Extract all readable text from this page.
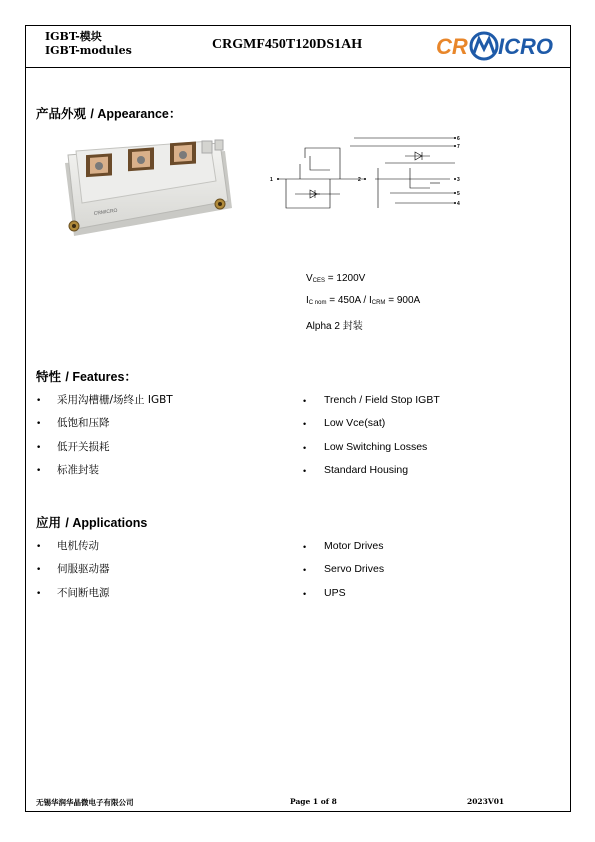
IGBT-模块
IGBT-modules	CRGMF450T120DS1AH	CR ICRO
产品外观 / Appearance：
CRMICRO
6
7
1	2	3
5
4
$V_{CES} = 1200V$
$I_{C nom} = 450A / I_{CRM} = 900A$
Alpha 2 封装
特性 / Features：
• 采用沟槽栅/场终止 IGBT
• 低饱和压降
• 低开关损耗
• 标准封装
• Trench / Field Stop IGBT
• Low Vce(sat)
• Low Switching Losses
• Standard Housing
应用 / Applications
• 电机传动
• 伺服驱动器
• 不间断电源
• Motor Drives
• Servo Drives
• UPS
无锡华润华晶微电子有限公司	Page 1 of 8	2023V01
